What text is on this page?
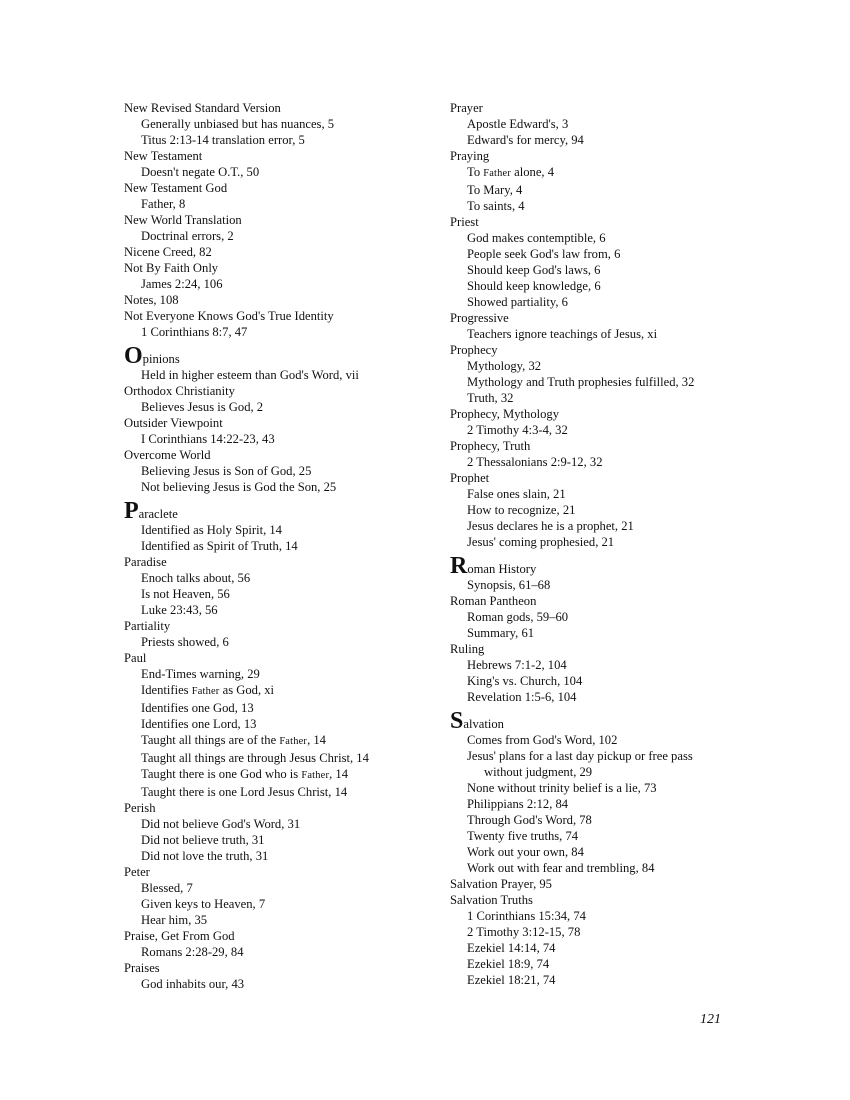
New Revised Standard Version
Generally unbiased but has nuances, 5
Titus 2:13-14 translation error, 5
New Testament
Doesn't negate O.T., 50
New Testament God
Father, 8
New World Translation
Doctrinal errors, 2
Nicene Creed, 82
Not By Faith Only
James 2:24, 106
Notes, 108
Not Everyone Knows God's True Identity
1 Corinthians 8:7, 47
Opinions
Held in higher esteem than God's Word, vii
Orthodox Christianity
Believes Jesus is God, 2
Outsider Viewpoint
I Corinthians 14:22-23, 43
Overcome World
Believing Jesus is Son of God, 25
Not believing Jesus is God the Son, 25
Paraclete
Identified as Holy Spirit, 14
Identified as Spirit of Truth, 14
Paradise
Enoch talks about, 56
Is not Heaven, 56
Luke 23:43, 56
Partiality
Priests showed, 6
Paul
End-Times warning, 29
Identifies Father as God, xi
Identifies one God, 13
Identifies one Lord, 13
Taught all things are of the Father, 14
Taught all things are through Jesus Christ, 14
Taught there is one God who is Father, 14
Taught there is one Lord Jesus Christ, 14
Perish
Did not believe God's Word, 31
Did not believe truth, 31
Did not love the truth, 31
Peter
Blessed, 7
Given keys to Heaven, 7
Hear him, 35
Praise, Get From God
Romans 2:28-29, 84
Praises
God inhabits our, 43
Prayer
Apostle Edward's, 3
Edward's for mercy, 94
Praying
To Father alone, 4
To Mary, 4
To saints, 4
Priest
God makes contemptible, 6
People seek God's law from, 6
Should keep God's laws, 6
Should keep knowledge, 6
Showed partiality, 6
Progressive
Teachers ignore teachings of Jesus, xi
Prophecy
Mythology, 32
Mythology and Truth prophesies fulfilled, 32
Truth, 32
Prophecy, Mythology
2 Timothy 4:3-4, 32
Prophecy, Truth
2 Thessalonians 2:9-12, 32
Prophet
False ones slain, 21
How to recognize, 21
Jesus declares he is a prophet, 21
Jesus' coming prophesied, 21
Roman History
Synopsis, 61–68
Roman Pantheon
Roman gods, 59–60
Summary, 61
Ruling
Hebrews 7:1-2, 104
King's vs. Church, 104
Revelation 1:5-6, 104
Salvation
Comes from God's Word, 102
Jesus' plans for a last day pickup or free pass without judgment, 29
None without trinity belief is a lie, 73
Philippians 2:12, 84
Through God's Word, 78
Twenty five truths, 74
Work out your own, 84
Work out with fear and trembling, 84
Salvation Prayer, 95
Salvation Truths
1 Corinthians 15:34, 74
2 Timothy 3:12-15, 78
Ezekiel 14:14, 74
Ezekiel 18:9, 74
Ezekiel 18:21, 74
121
